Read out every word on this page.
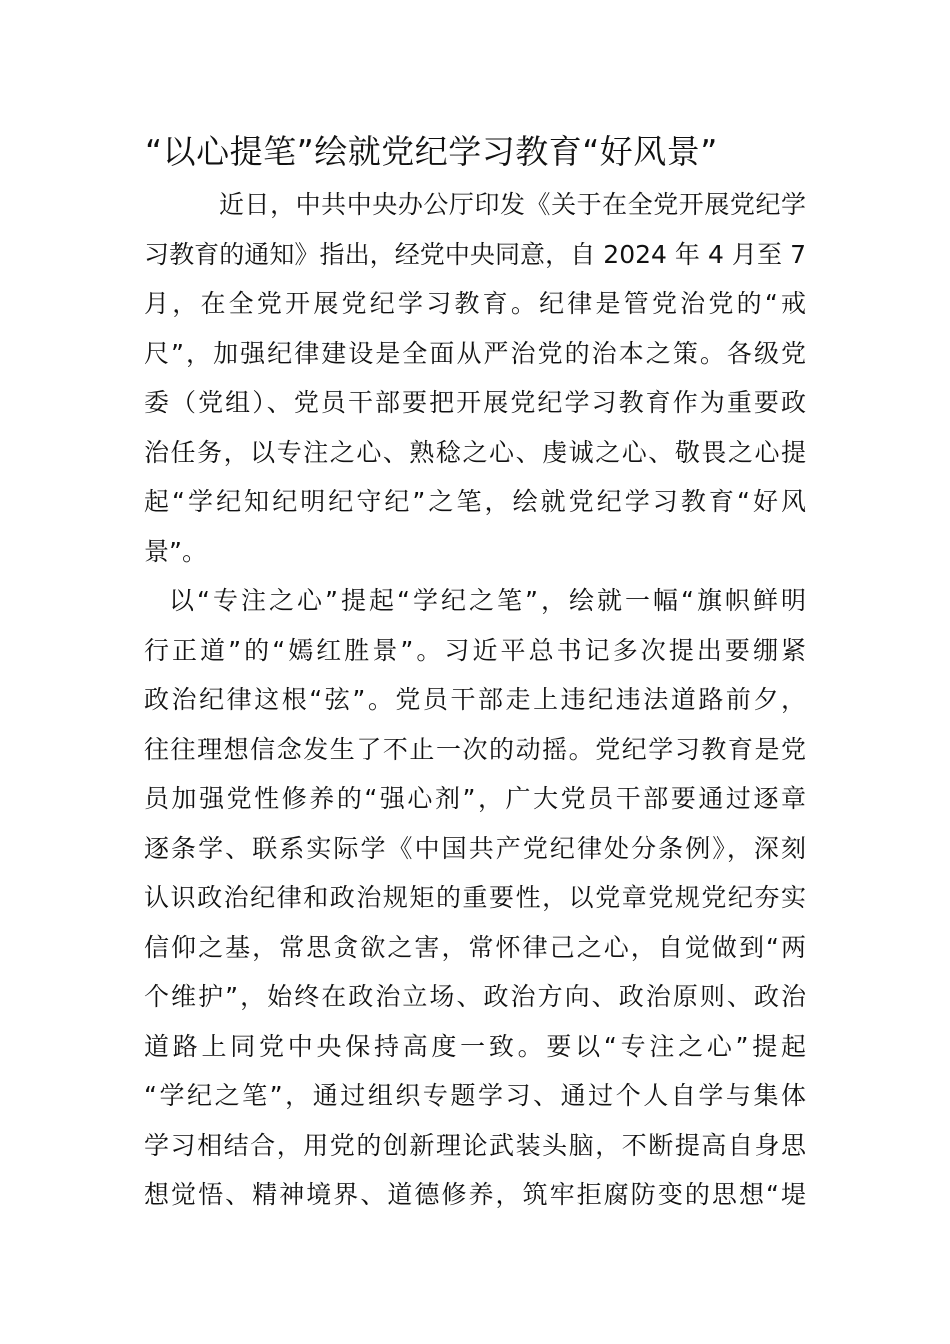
“以心提笔”绘就党纪学习教育“好风景”
近日，中共中央办公厅印发《关于在全党开展党纪学
习教育的通知》指出，经党中央同意，自 2024 年 4 月至 7
月，在全党开展党纪学习教育。纪律是管党治党的“戒
尺”，加强纪律建设是全面从严治党的治本之策。各级党
委（党组）、党员干部要把开展党纪学习教育作为重要政
治任务，以专注之心、熟稔之心、虔诚之心、敬畏之心提
起“学纪知纪明纪守纪”之笔，绘就党纪学习教育“好风
景”。
以“专注之心”提起“学纪之笔”，绘就一幅“旗帜鲜明
行正道”的“嫣红胜景”。习近平总书记多次提出要绷紧
政治纪律这根“弦”。党员干部走上违纪违法道路前夕，
往往理想信念发生了不止一次的动摇。党纪学习教育是党
员加强党性修养的“强心剂”，广大党员干部要通过逐章
逐条学、联系实际学《中国共产党纪律处分条例》，深刻
认识政治纪律和政治规矩的重要性，以党章党规党纪夯实
信仰之基，常思贪欲之害，常怀律己之心，自觉做到“两
个维护”，始终在政治立场、政治方向、政治原则、政治
道路上同党中央保持高度一致。要以“专注之心”提起
“学纪之笔”，通过组织专题学习、通过个人自学与集体
学习相结合，用党的创新理论武装头脑，不断提高自身思
想觉悟、精神境界、道德修养，筑牢拒腐防变的思想“堤
